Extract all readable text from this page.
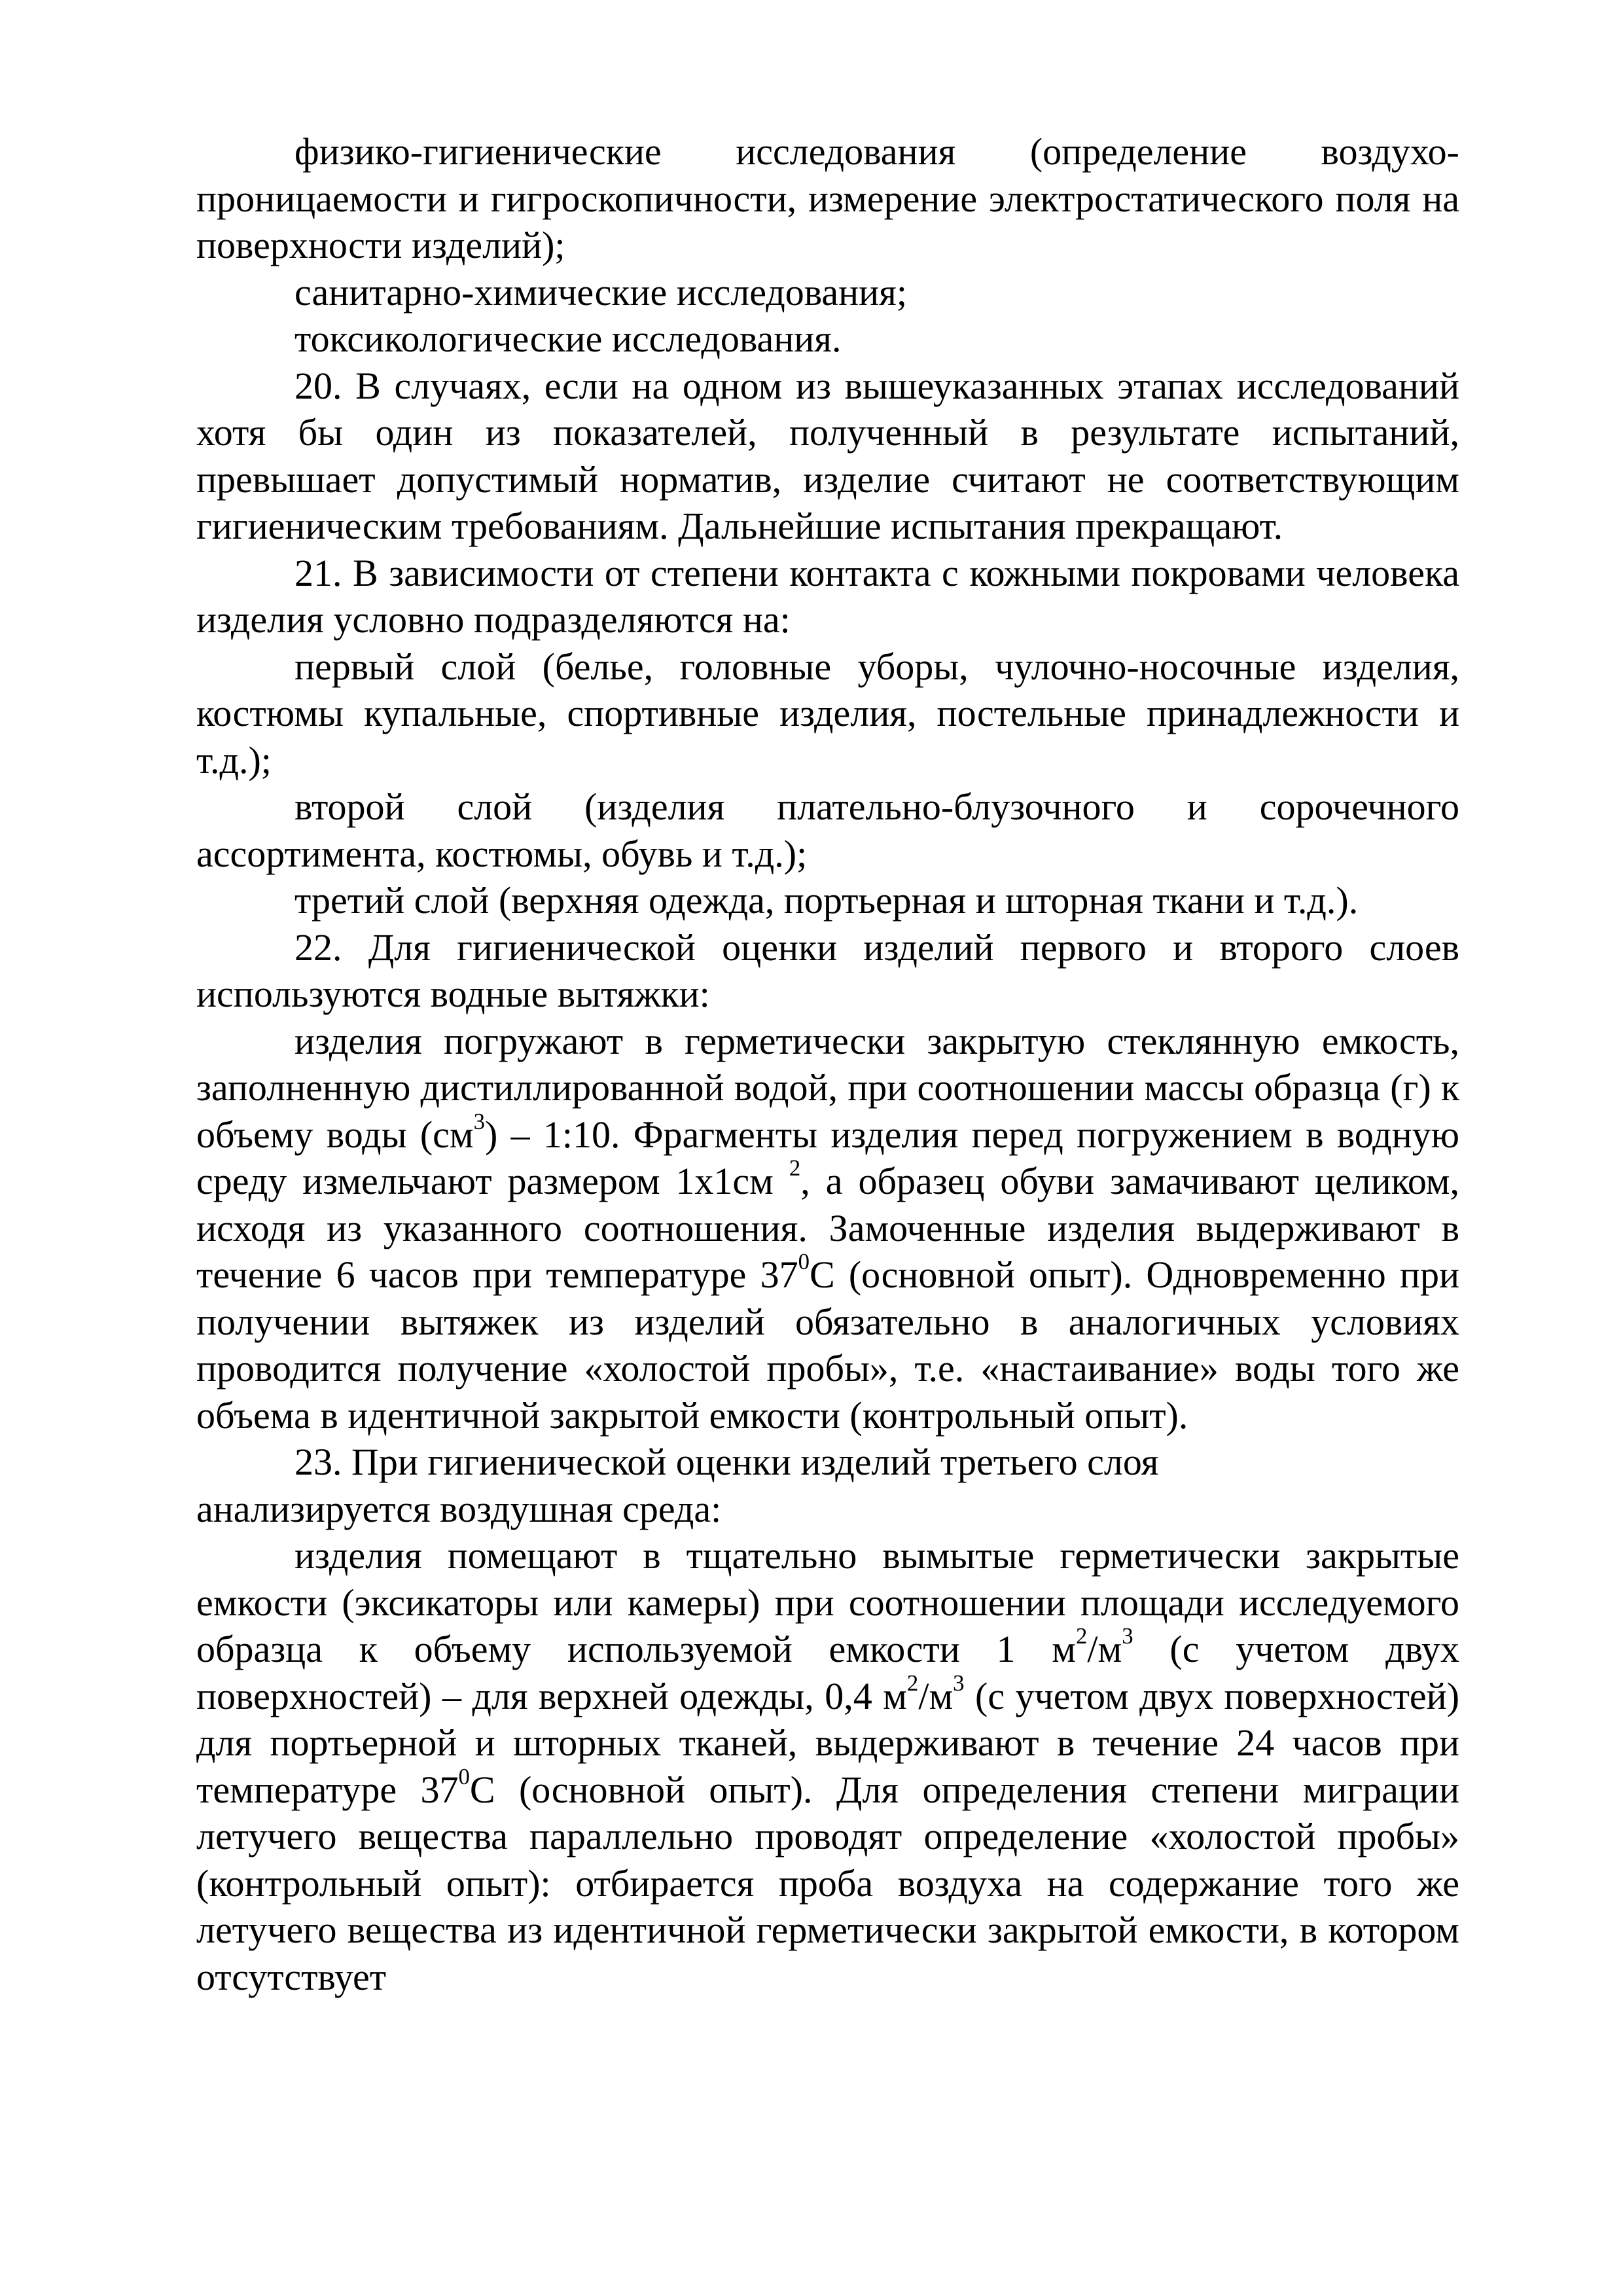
физико-гигиенические исследования (определение воздухо-проницаемости и гигроскопичности, измерение электростатического поля на поверхности изделий);

санитарно-химические исследования;

токсикологические исследования.

20. В случаях, если на одном из вышеуказанных этапах исследований хотя бы один из показателей, полученный в результате испытаний, превышает допустимый норматив, изделие считают не соответствующим гигиеническим требованиям. Дальнейшие испытания прекращают.

21. В зависимости от степени контакта с кожными покровами человека изделия условно подразделяются на:

первый слой (белье, головные уборы, чулочно-носочные изделия, костюмы купальные, спортивные изделия, постельные принадлежности и т.д.);

второй слой (изделия плательно-блузочного и сорочечного ассортимента, костюмы, обувь и т.д.);

третий слой (верхняя одежда, портьерная и шторная ткани и т.д.).

22. Для гигиенической оценки изделий первого и второго слоев используются водные вытяжки:

изделия погружают в герметически закрытую стеклянную емкость, заполненную дистиллированной водой, при соотношении массы образца (г) к объему воды $(см^3)$ – 1:10. Фрагменты изделия перед погружением в водную среду измельчают размером 1х1см $^2$, а образец обуви замачивают целиком, исходя из указанного соотношения. Замоченные изделия выдерживают в течение 6 часов при температуре $37^0С$ (основной опыт). Одновременно при получении вытяжек из изделий обязательно в аналогичных условиях проводится получение «холостой пробы», т.е. «настаивание» воды того же объема в идентичной закрытой емкости (контрольный опыт).

23. При гигиенической оценки изделий третьего слоя

анализируется воздушная среда:

изделия помещают в тщательно вымытые герметически закрытые емкости (эксикаторы или камеры) при соотношении площади исследуемого образца к объему используемой емкости 1 $м^2/м^3$ (с учетом двух поверхностей) – для верхней одежды, 0,4 $м^2/м^3$ (с учетом двух поверхностей) для портьерной и шторных тканей, выдерживают в течение 24 часов при температуре $37^0С$ (основной опыт). Для определения степени миграции летучего вещества параллельно проводят определение «холостой пробы» (контрольный опыт): отбирается проба воздуха на содержание того же летучего вещества из идентичной герметически закрытой емкости, в котором отсутствует
